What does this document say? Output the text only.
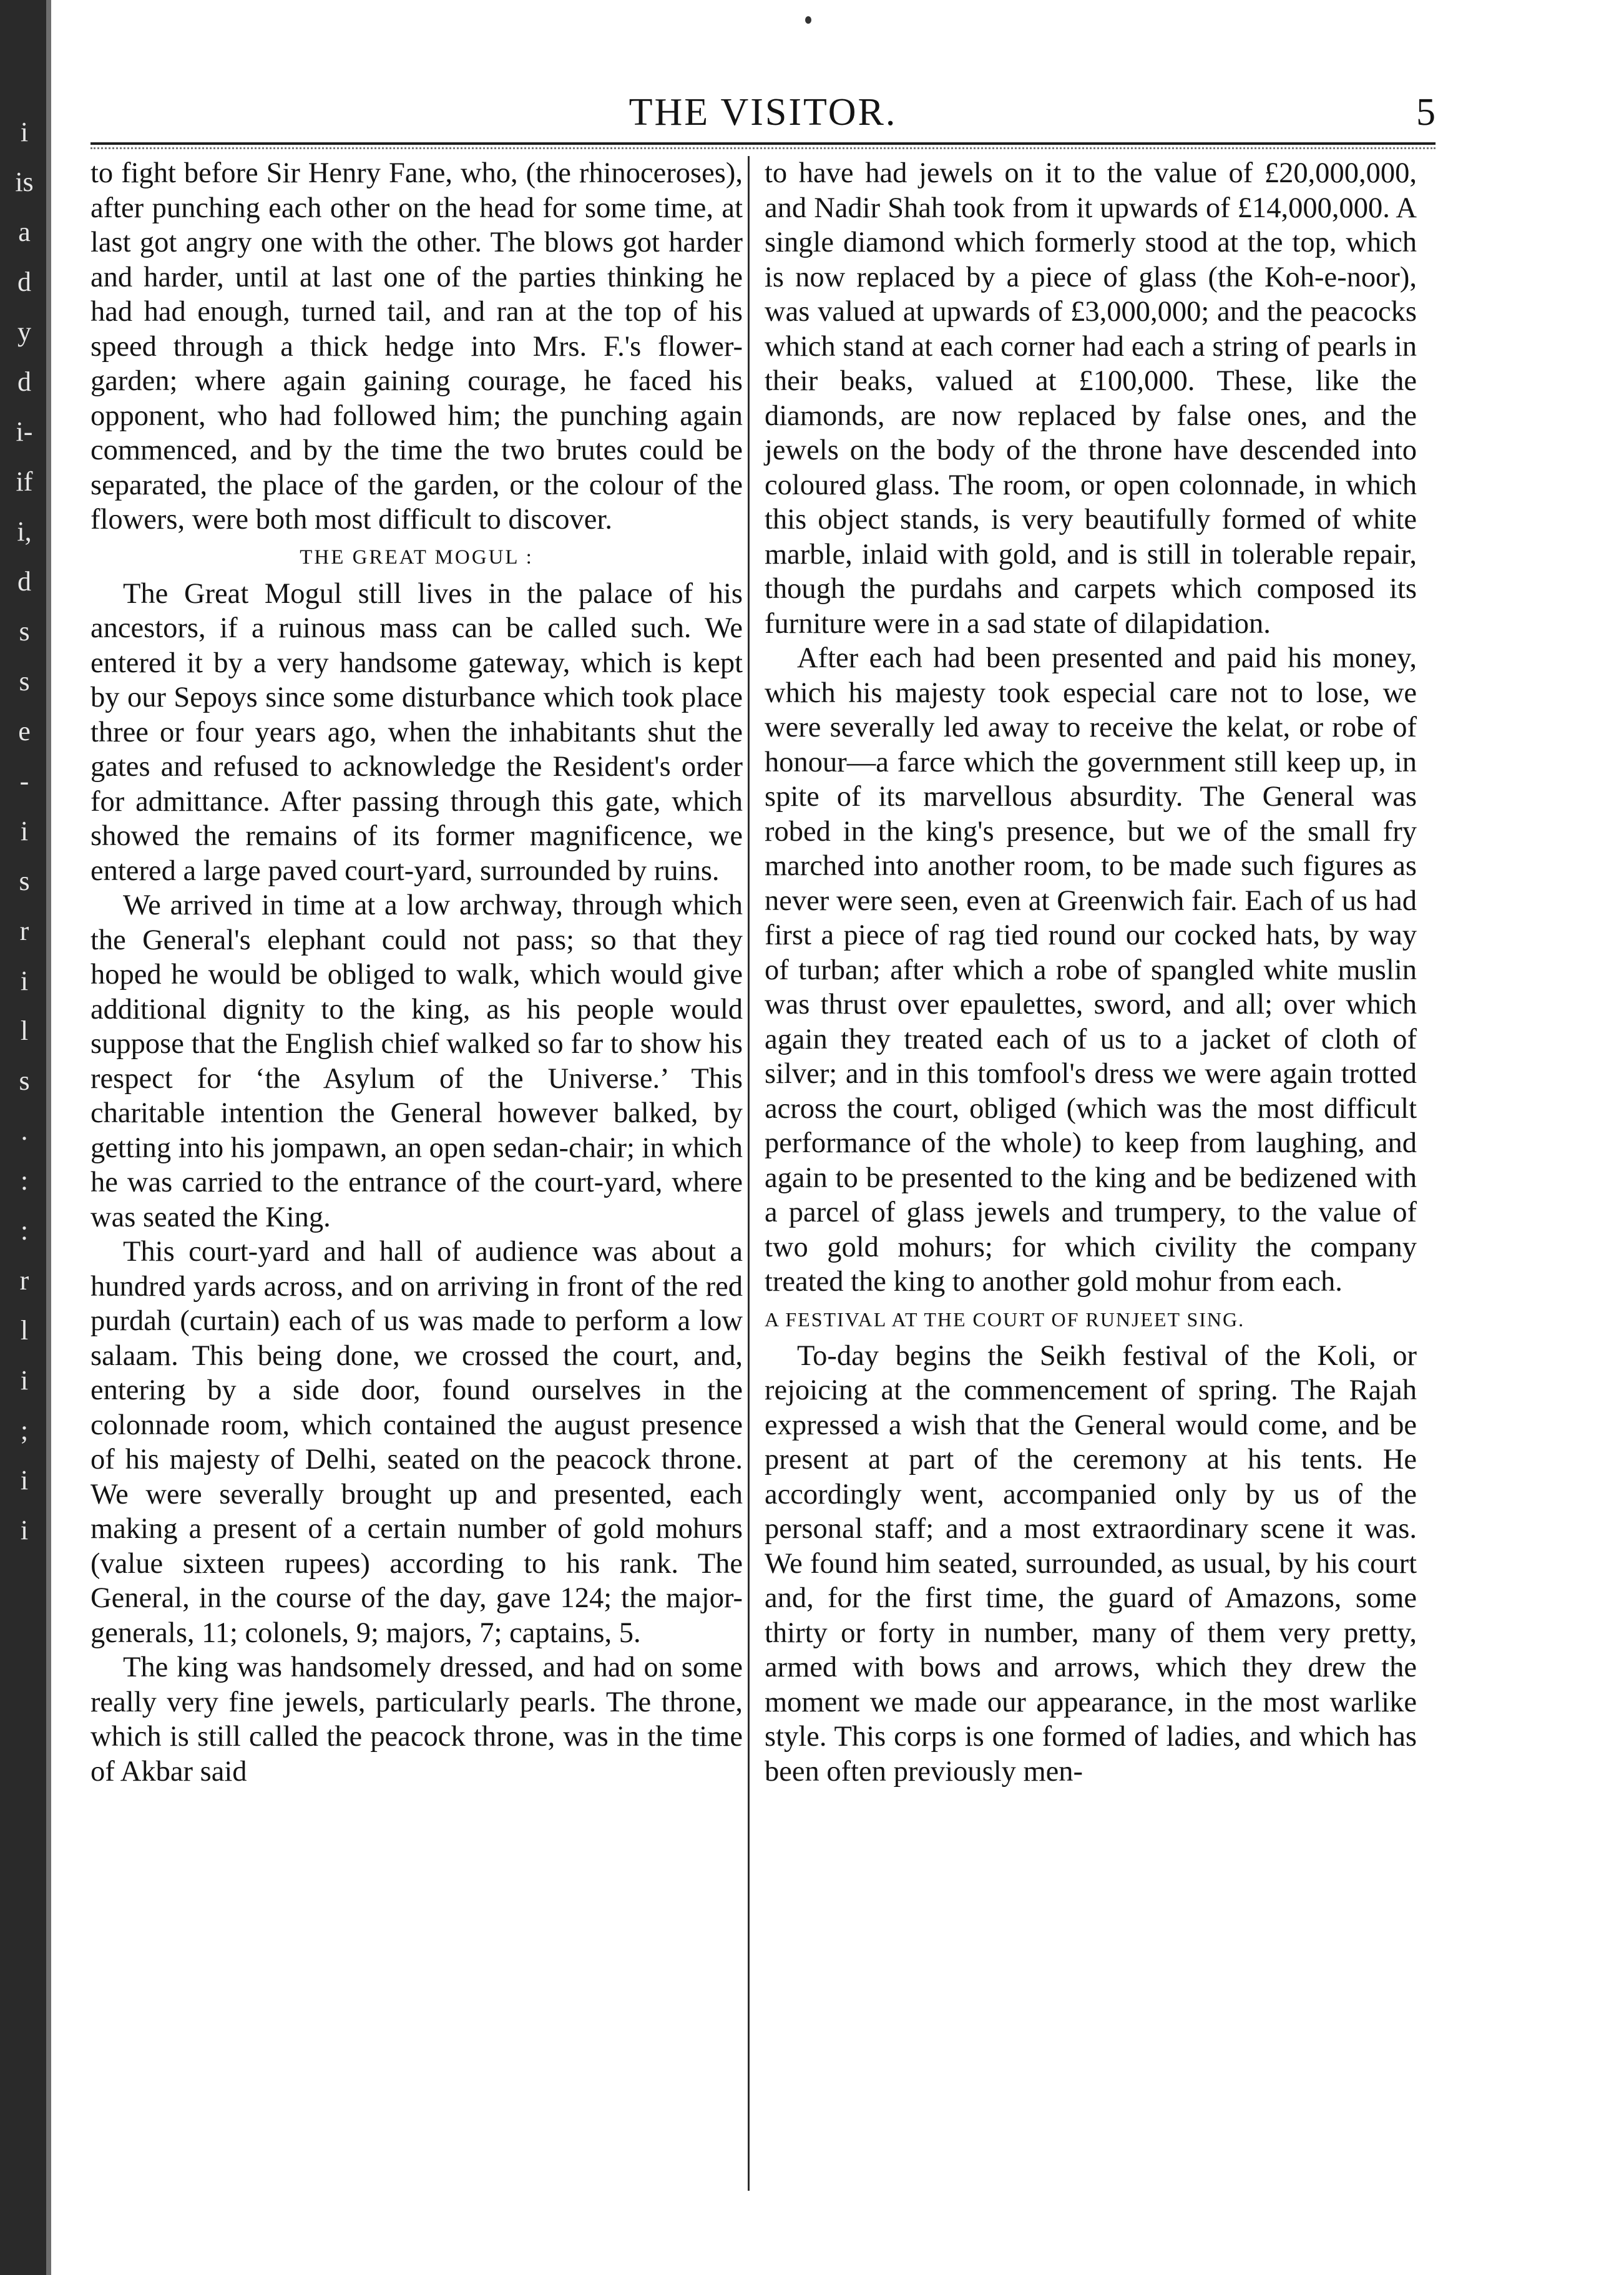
i
is
a
d
y
d
i-
if
i,
d
s
s
e
-
i
s
r
i
l
s
.
:
:
r
l
i
;
i
i
THE VISITOR.	5

to fight before Sir Henry Fane, who, (the rhinoceroses), after punching each other on the head for some time, at last got angry one with the other. The blows got harder and harder, until at last one of the parties thinking he had had enough, turned tail, and ran at the top of his speed through a thick hedge into Mrs. F.'s flower-garden; where again gaining courage, he faced his opponent, who had followed him; the punching again commenced, and by the time the two brutes could be separated, the place of the garden, or the colour of the flowers, were both most difficult to discover.

THE GREAT MOGUL :

The Great Mogul still lives in the palace of his ancestors, if a ruinous mass can be called such. We entered it by a very handsome gateway, which is kept by our Sepoys since some disturbance which took place three or four years ago, when the inhabitants shut the gates and refused to acknowledge the Resident's order for admittance. After passing through this gate, which showed the remains of its former magnificence, we entered a large paved court-yard, surrounded by ruins.

We arrived in time at a low archway, through which the General's elephant could not pass; so that they hoped he would be obliged to walk, which would give additional dignity to the king, as his people would suppose that the English chief walked so far to show his respect for ‘the Asylum of the Universe.’ This charitable intention the General however balked, by getting into his jompawn, an open sedan-chair; in which he was carried to the entrance of the court-yard, where was seated the King.

This court-yard and hall of audience was about a hundred yards across, and on arriving in front of the red purdah (curtain) each of us was made to perform a low salaam. This being done, we crossed the court, and, entering by a side door, found ourselves in the colonnade room, which contained the august presence of his majesty of Delhi, seated on the peacock throne. We were severally brought up and presented, each making a present of a certain number of gold mohurs (value sixteen rupees) according to his rank. The General, in the course of the day, gave 124; the major-generals, 11; colonels, 9; majors, 7; captains, 5.

The king was handsomely dressed, and had on some really very fine jewels, particularly pearls. The throne, which is still called the peacock throne, was in the time of Akbar said

to have had jewels on it to the value of £20,000,000, and Nadir Shah took from it upwards of £14,000,000. A single diamond which formerly stood at the top, which is now replaced by a piece of glass (the Koh-e-noor), was valued at upwards of £3,000,000; and the peacocks which stand at each corner had each a string of pearls in their beaks, valued at £100,000. These, like the diamonds, are now replaced by false ones, and the jewels on the body of the throne have descended into coloured glass. The room, or open colonnade, in which this object stands, is very beautifully formed of white marble, inlaid with gold, and is still in tolerable repair, though the purdahs and carpets which composed its furniture were in a sad state of dilapidation.

After each had been presented and paid his money, which his majesty took especial care not to lose, we were severally led away to receive the kelat, or robe of honour—a farce which the government still keep up, in spite of its marvellous absurdity. The General was robed in the king's presence, but we of the small fry marched into another room, to be made such figures as never were seen, even at Greenwich fair. Each of us had first a piece of rag tied round our cocked hats, by way of turban; after which a robe of spangled white muslin was thrust over epaulettes, sword, and all; over which again they treated each of us to a jacket of cloth of silver; and in this tomfool's dress we were again trotted across the court, obliged (which was the most difficult performance of the whole) to keep from laughing, and again to be presented to the king and be bedizened with a parcel of glass jewels and trumpery, to the value of two gold mohurs; for which civility the company treated the king to another gold mohur from each.

A FESTIVAL AT THE COURT OF RUNJEET SING.

To-day begins the Seikh festival of the Koli, or rejoicing at the commencement of spring. The Rajah expressed a wish that the General would come, and be present at part of the ceremony at his tents. He accordingly went, accompanied only by us of the personal staff; and a most extraordinary scene it was. We found him seated, surrounded, as usual, by his court and, for the first time, the guard of Amazons, some thirty or forty in number, many of them very pretty, armed with bows and arrows, which they drew the moment we made our appearance, in the most warlike style. This corps is one formed of ladies, and which has been often previously men-
